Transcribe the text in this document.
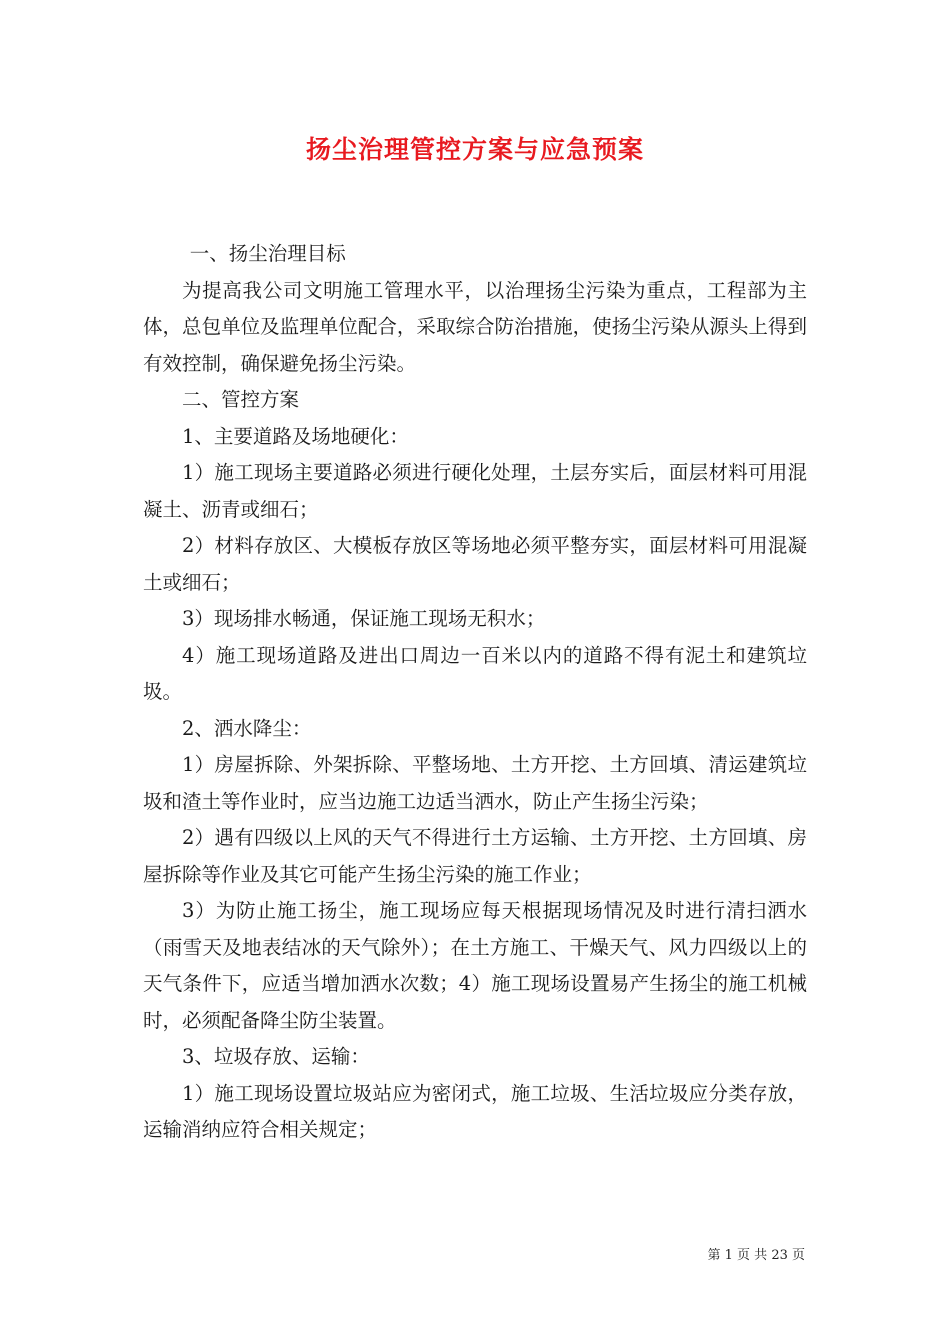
扬尘治理管控方案与应急预案

一、扬尘治理目标

为提高我公司文明施工管理水平，以治理扬尘污染为重点，工程部为主体，总包单位及监理单位配合，采取综合防治措施，使扬尘污染从源头上得到有效控制，确保避免扬尘污染。

二、管控方案

1、主要道路及场地硬化：

1）施工现场主要道路必须进行硬化处理，土层夯实后，面层材料可用混凝土、沥青或细石；

2）材料存放区、大模板存放区等场地必须平整夯实，面层材料可用混凝土或细石；

3）现场排水畅通，保证施工现场无积水；

4）施工现场道路及进出口周边一百米以内的道路不得有泥土和建筑垃圾。

2、洒水降尘：

1）房屋拆除、外架拆除、平整场地、土方开挖、土方回填、清运建筑垃圾和渣土等作业时，应当边施工边适当洒水，防止产生扬尘污染；

2）遇有四级以上风的天气不得进行土方运输、土方开挖、土方回填、房屋拆除等作业及其它可能产生扬尘污染的施工作业；

3）为防止施工扬尘，施工现场应每天根据现场情况及时进行清扫洒水（雨雪天及地表结冰的天气除外）；在土方施工、干燥天气、风力四级以上的天气条件下，应适当增加洒水次数；4）施工现场设置易产生扬尘的施工机械时，必须配备降尘防尘装置。

3、垃圾存放、运输：

1）施工现场设置垃圾站应为密闭式，施工垃圾、生活垃圾应分类存放，运输消纳应符合相关规定；

第 1 页 共 23 页
